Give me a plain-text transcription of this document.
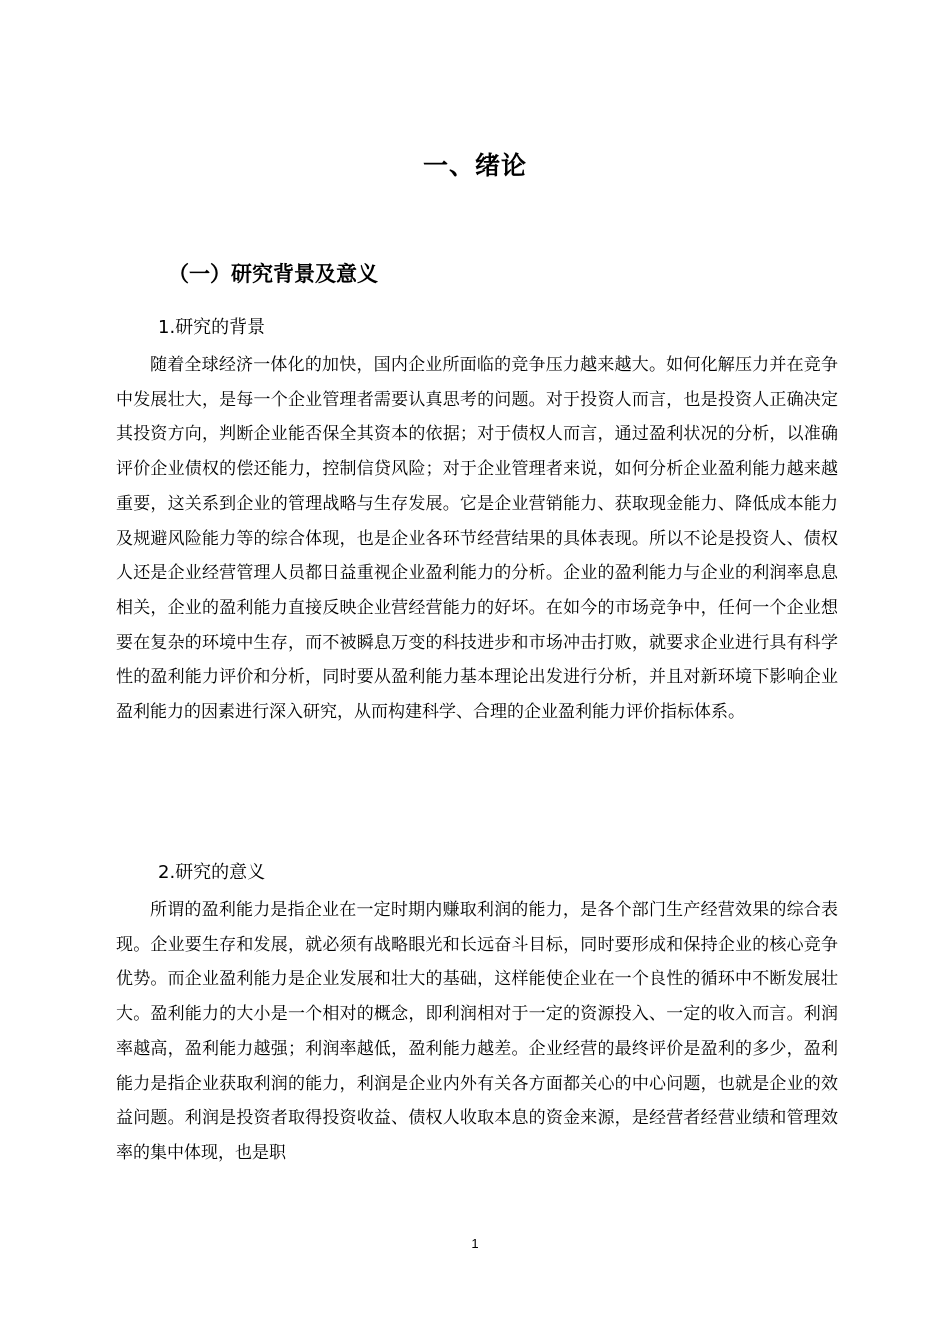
一、绪论
（一）研究背景及意义
1.研究的背景

随着全球经济一体化的加快，国内企业所面临的竞争压力越来越大。如何化解压力并在竞争中发展壮大，是每一个企业管理者需要认真思考的问题。对于投资人而言，也是投资人正确决定其投资方向，判断企业能否保全其资本的依据；对于债权人而言，通过盈利状况的分析，以准确评价企业债权的偿还能力，控制信贷风险；对于企业管理者来说，如何分析企业盈利能力越来越重要，这关系到企业的管理战略与生存发展。它是企业营销能力、获取现金能力、降低成本能力及规避风险能力等的综合体现，也是企业各环节经营结果的具体表现。所以不论是投资人、债权人还是企业经营管理人员都日益重视企业盈利能力的分析。企业的盈利能力与企业的利润率息息相关，企业的盈利能力直接反映企业营经营能力的好坏。在如今的市场竞争中，任何一个企业想要在复杂的环境中生存，而不被瞬息万变的科技进步和市场冲击打败，就要求企业进行具有科学性的盈利能力评价和分析，同时要从盈利能力基本理论出发进行分析，并且对新环境下影响企业盈利能力的因素进行深入研究，从而构建科学、合理的企业盈利能力评价指标体系。

2.研究的意义

所谓的盈利能力是指企业在一定时期内赚取利润的能力，是各个部门生产经营效果的综合表现。企业要生存和发展，就必须有战略眼光和长远奋斗目标，同时要形成和保持企业的核心竞争优势。而企业盈利能力是企业发展和壮大的基础，这样能使企业在一个良性的循环中不断发展壮大。盈利能力的大小是一个相对的概念，即利润相对于一定的资源投入、一定的收入而言。利润率越高，盈利能力越强；利润率越低，盈利能力越差。企业经营的最终评价是盈利的多少，盈利能力是指企业获取利润的能力，利润是企业内外有关各方面都关心的中心问题，也就是企业的效益问题。利润是投资者取得投资收益、债权人收取本息的资金来源，是经营者经营业绩和管理效率的集中体现，也是职

1
